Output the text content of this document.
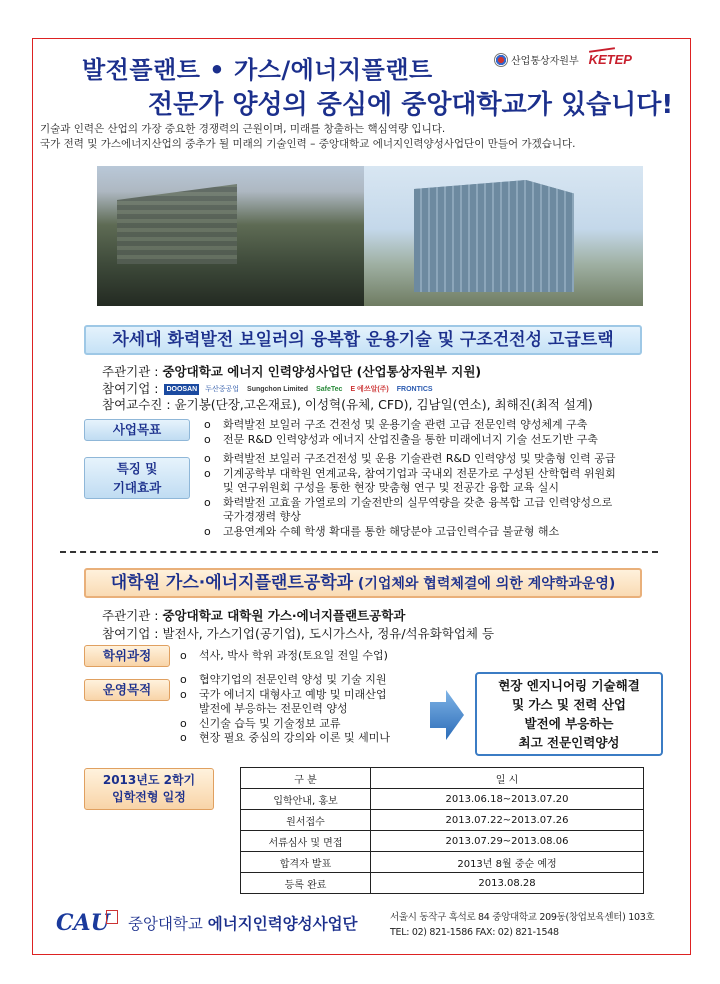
발전플랜트 • 가스/에너지플랜트
전문가 양성의 중심에 중앙대학교가 있습니다!
산업통상자원부 KETEP
기술과 인력은 산업의 가장 중요한 경쟁력의 근원이며, 미래를 창출하는 핵심역량 입니다.
국가 전력 및 가스에너지산업의 중추가 될 미래의 기술인력 – 중앙대학교 에너지인력양성사업단이 만들어 가겠습니다.
차세대 화력발전 보일러의 융복합 운용기술 및 구조건전성 고급트랙
주관기관 : 중앙대학교 에너지 인력양성사업단 (산업통상자원부 지원)
참여기업 : DOOSAN 두산중공업 Sungchon Limited SafeTec E 에쓰알(주) FRONTICS
참여교수진 : 윤기봉(단장,고온재료), 이성혁(유체, CFD), 김남일(연소), 최해진(최적 설계)
사업목표	o	화력발전 보일러 구조 건전성 및 운용기술 관련 고급 전문인력 양성체계 구축
o	전문 R&D 인력양성과 에너지 산업진출을 통한 미래에너지 기술 선도기반 구축
특징 및
기대효과
o	화력발전 보일러 구조건전성 및 운용 기술관련 R&D 인력양성 및 맞춤형 인력 공급
o	기계공학부 대학원 연계교육, 참여기업과 국내외 전문가로 구성된 산학협력 위원회
및 연구위원회 구성을 통한 현장 맞춤형 연구 및 전공간 융합 교육 실시
o	화력발전 고효율 가열로의 기술전반의 실무역량을 갖춘 융복합 고급 인력양성으로
국가경쟁력 향상
o	고용연계와 수혜 학생 확대를 통한 해당분야 고급인력수급 불균형 해소
대학원 가스·에너지플랜트공학과 (기업체와 협력체결에 의한 계약학과운영)
주관기관 : 중앙대학교 대학원 가스·에너지플랜트공학과
참여기업 : 발전사, 가스기업(공기업), 도시가스사, 정유/석유화학업체 등
학위과정	o	석사, 박사 학위 과정(토요일 전일 수업)
운영목적
o	협약기업의 전문인력 양성 및 기술 지원
o	국가 에너지 대형사고 예방 및 미래산업
발전에 부응하는 전문인력 양성
o	신기술 습득 및 기술정보 교류
o	현장 필요 중심의 강의와 이론 및 세미나
현장 엔지니어링 기술해결
및 가스 및 전력 산업
발전에 부응하는
최고 전문인력양성
2013년도 2학기
입학전형 일정
구 분	일 시
입학안내, 홍보	2013.06.18~2013.07.20
원서접수	2013.07.22~2013.07.26
서류심사 및 면접	2013.07.29~2013.08.06
합격자 발표	2013년 8월 중순 예정
등록 완료	2013.08.28
CAU	중앙대학교 에너지인력양성사업단	서울시 동작구 흑석로 84 중앙대학교 209동(창업보육센터) 103호
TEL: 02) 821-1586 FAX: 02) 821-1548
